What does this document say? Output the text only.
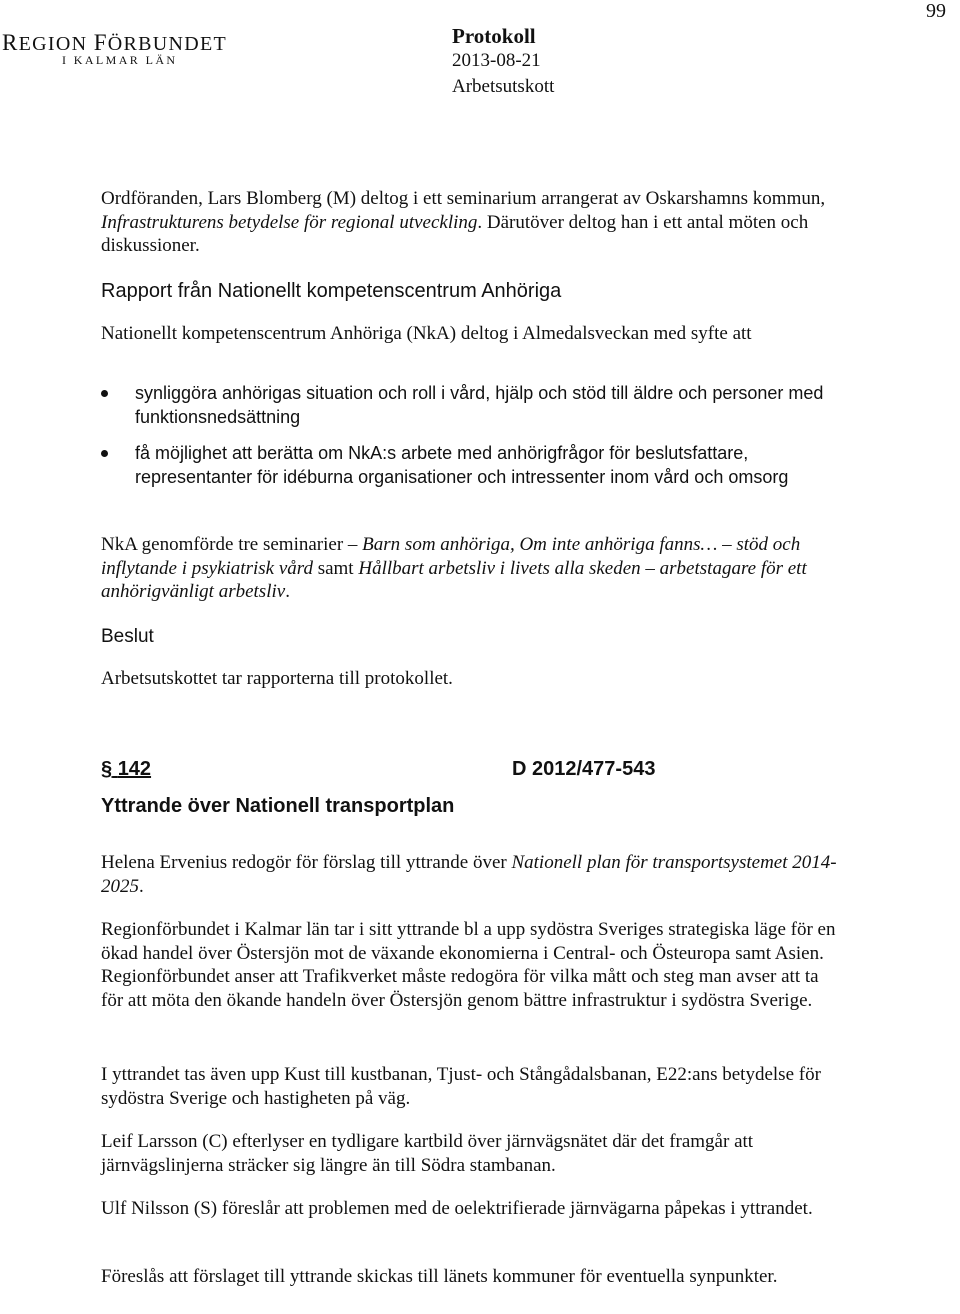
REGION FÖRBUNDET
I KALMAR LÄN
99
Protokoll
2013-08-21
Arbetsutskott
Ordföranden, Lars Blomberg (M) deltog i ett seminarium arrangerat av Oskarshamns kommun, Infrastrukturens betydelse för regional utveckling. Därutöver deltog han i ett antal möten och diskussioner.
Rapport från Nationellt kompetenscentrum Anhöriga
Nationellt kompetenscentrum Anhöriga (NkA) deltog i Almedalsveckan med syfte att
synliggöra anhörigas situation och roll i vård, hjälp och stöd till äldre och personer med funktionsnedsättning
få möjlighet att berätta om NkA:s arbete med anhörigfrågor för beslutsfattare, representanter för idéburna organisationer och intressenter inom vård och omsorg
NkA genomförde tre seminarier – Barn som anhöriga, Om inte anhöriga fanns… – stöd och inflytande i psykiatrisk vård samt Hållbart arbetsliv i livets alla skeden – arbetstagare för ett anhörigvänligt arbetsliv.
Beslut
Arbetsutskottet tar rapporterna till protokollet.
§ 142	D 2012/477-543
Yttrande över Nationell transportplan
Helena Ervenius redogör för förslag till yttrande över Nationell plan för transportsystemet 2014-2025.
Regionförbundet i Kalmar län tar i sitt yttrande bl a upp sydöstra Sveriges strategiska läge för en ökad handel över Östersjön mot de växande ekonomierna i Central- och Östeuropa samt Asien. Regionförbundet anser att Trafikverket måste redogöra för vilka mått och steg man avser att ta för att möta den ökande handeln över Östersjön genom bättre infrastruktur i sydöstra Sverige.
I yttrandet tas även upp Kust till kustbanan, Tjust- och Stångådalsbanan, E22:ans betydelse för sydöstra Sverige och hastigheten på väg.
Leif Larsson (C) efterlyser en tydligare kartbild över järnvägsnätet där det framgår att järnvägslinjerna sträcker sig längre än till Södra stambanan.
Ulf Nilsson (S) föreslår att problemen med de oelektrifierade järnvägarna påpekas i yttrandet.
Föreslås att förslaget till yttrande skickas till länets kommuner för eventuella synpunkter.
